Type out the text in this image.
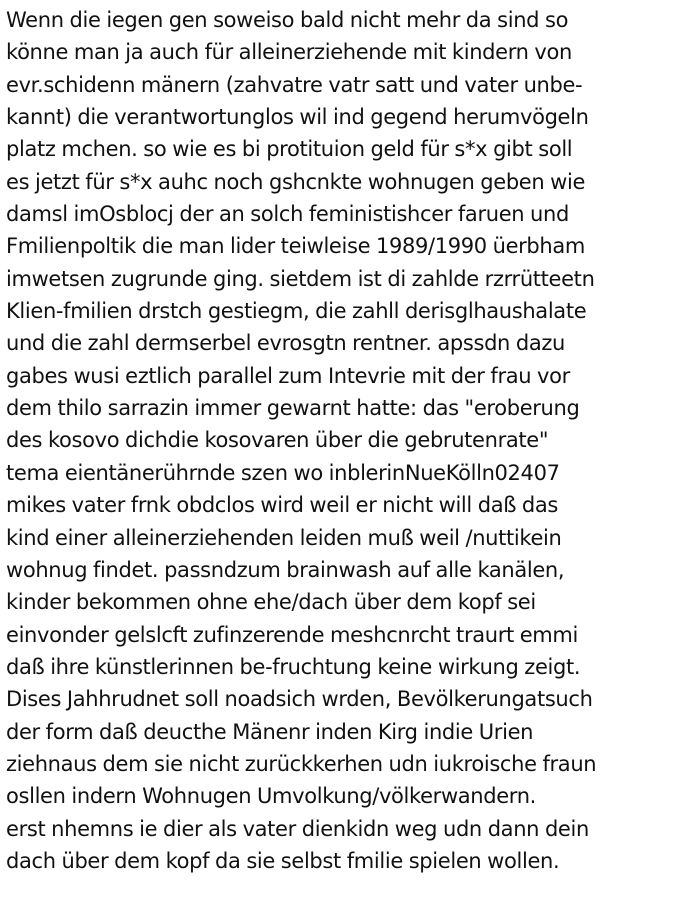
Wenn die iegen gen soweiso bald nicht mehr da sind so
könne man ja auch für alleinerziehende mit kindern von
evr.schidenn mänern (zahvatre vatr satt und vater unbe-
kannt) die verantwortunglos wil ind gegend herumvögeln
platz mchen. so wie es bi protituion geld für s*x gibt soll
es jetzt für s*x auhc noch gshcnkte wohnugen geben wie
damsl imOsblocj der an solch feministishcer faruen und
Fmilienpoltik die man lider teiwleise 1989/1990 üerbham
imwetsen zugrunde ging. sietdem ist di zahlde rzrrütteetn
Klien-fmilien drstch gestiegm, die zahll derisglhaushalate
und die zahl dermserbel evrosgtn rentner. apssdn dazu
gabes wusi eztlich parallel zum Intevrie mit der frau vor
dem thilo sarrazin immer gewarnt hatte: das "eroberung
des kosovo dichdie kosovaren über die gebrutenrate"
tema eientänerührnde szen wo inblerinNueKölln02407
mikes vater frnk obdclos wird weil er nicht will daß das
kind einer alleinerziehenden leiden muß weil /nuttikein
wohnug findet. passndzum brainwash auf alle kanälen,
kinder bekommen ohne ehe/dach über dem kopf sei
einvonder gelslcft zufinzerende meshcnrcht traurt emmi
daß ihre künstlerinnen be-fruchtung keine wirkung zeigt.
Dises Jahhrudnet soll noadsich wrden, Bevölkerungatsuch
der form daß deucthe Mänenr inden Kirg indie Urien
ziehnaus dem sie nicht zurückkerhen udn iukroische fraun
osllen indern Wohnugen Umvolkung/völkerwandern.
erst nhemns ie dier als vater dienkidn weg udn dann dein
dach über dem kopf da sie selbst fmilie spielen wollen.
